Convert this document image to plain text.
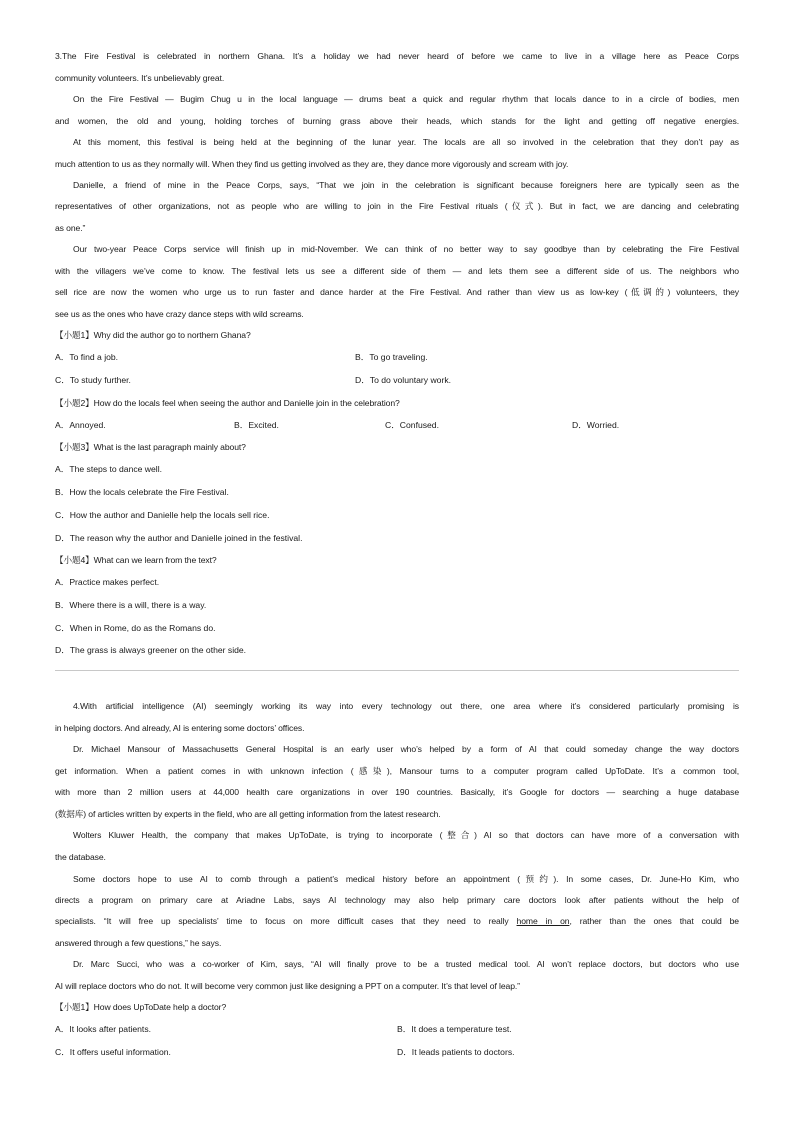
3.The Fire Festival is celebrated in northern Ghana. It’s a holiday we had never heard of before we came to live in a village here as Peace Corps
community volunteers. It’s unbelievably great.
On the Fire Festival — Bugim Chug u in the local language — drums beat a quick and regular rhythm that locals dance to in a circle of bodies, men
and women, the old and young, holding torches of burning grass above their heads, which stands for the light and getting off negative energies.
At this moment, this festival is being held at the beginning of the lunar year. The locals are all so involved in the celebration that they don’t pay as
much attention to us as they normally will. When they find us getting involved as they are, they dance more vigorously and scream with joy.
Danielle, a friend of mine in the Peace Corps, says, “That we join in the celebration is significant because foreigners here are typically seen as the
representatives of other organizations, not as people who are willing to join in the Fire Festival rituals (仪式). But in fact, we are dancing and celebrating
as one.”
Our two-year Peace Corps service will finish up in mid-November. We can think of no better way to say goodbye than by celebrating the Fire Festival
with the villagers we’ve come to know. The festival lets us see a different side of them — and lets them see a different side of us. The neighbors who
sell rice are now the women who urge us to run faster and dance harder at the Fire Festival. And rather than view us as low-key (低调的) volunteers, they
see us as the ones who have crazy dance steps with wild screams.
【小题1】Why did the author go to northern Ghana?
A．To find a job.	B．To go traveling.
C．To study further.	D．To do voluntary work.
【小题2】How do the locals feel when seeing the author and Danielle join in the celebration?
A．Annoyed.	B．Excited.	C．Confused.	D．Worried.
【小题3】What is the last paragraph mainly about?
A．The steps to dance well.
B．How the locals celebrate the Fire Festival.
C．How the author and Danielle help the locals sell rice.
D．The reason why the author and Danielle joined in the festival.
【小题4】What can we learn from the text?
A．Practice makes perfect.
B．Where there is a will, there is a way.
C．When in Rome, do as the Romans do.
D．The grass is always greener on the other side.
4.With artificial intelligence (AI) seemingly working its way into every technology out there, one area where it’s considered particularly promising is
in helping doctors. And already, AI is entering some doctors’ offices.
Dr. Michael Mansour of Massachusetts General Hospital is an early user who’s helped by a form of AI that could someday change the way doctors
get information. When a patient comes in with unknown infection (感染), Mansour turns to a computer program called UpToDate. It’s a common tool,
with more than 2 million users at 44,000 health care organizations in over 190 countries. Basically, it’s Google for doctors — searching a huge database
(数据库) of articles written by experts in the field, who are all getting information from the latest research.
Wolters Kluwer Health, the company that makes UpToDate, is trying to incorporate (整合) AI so that doctors can have more of a conversation with
the database.
Some doctors hope to use AI to comb through a patient’s medical history before an appointment (预约). In some cases, Dr. June-Ho Kim, who
directs a program on primary care at Ariadne Labs, says AI technology may also help primary care doctors look after patients without the help of
specialists. “It will free up specialists’ time to focus on more difficult cases that they need to really home in on, rather than the ones that could be
answered through a few questions,” he says.
Dr. Marc Succi, who was a co-worker of Kim, says, “AI will finally prove to be a trusted medical tool. AI won’t replace doctors, but doctors who use
AI will replace doctors who do not. It will become very common just like designing a PPT on a computer. It’s that level of leap.”
【小题1】How does UpToDate help a doctor?
A．It looks after patients.	B．It does a temperature test.
C．It offers useful information.	D．It leads patients to doctors.
